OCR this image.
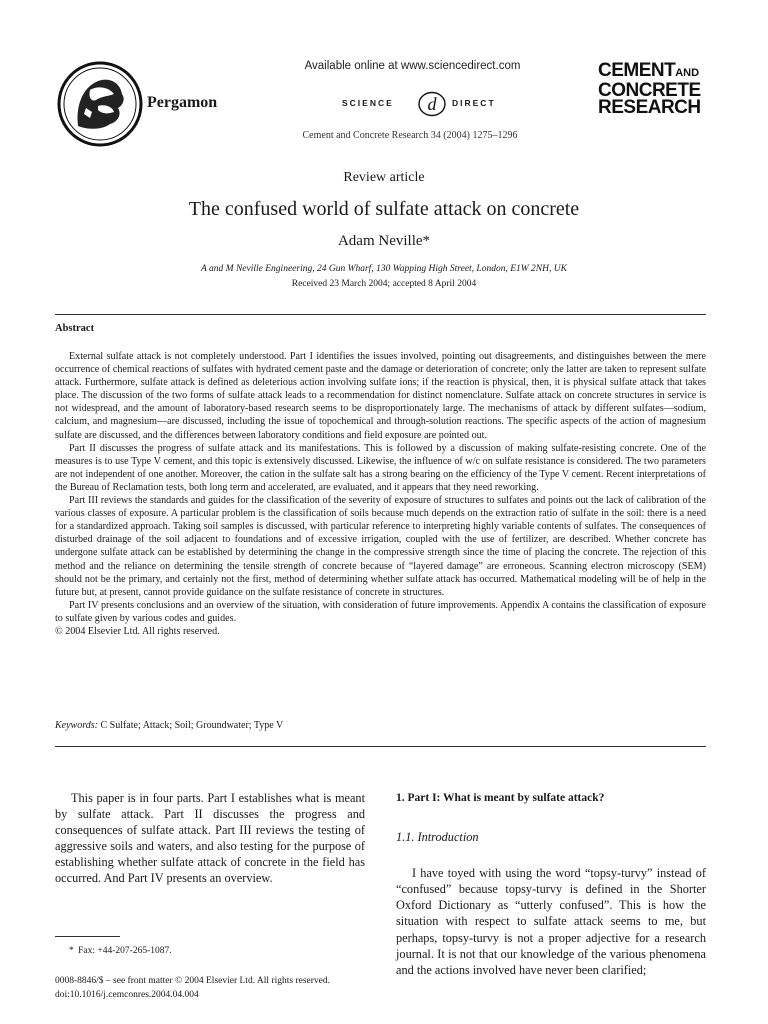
Pergamon
Available online at www.sciencedirect.com
SCIENCE d DIRECT
Cement and Concrete Research 34 (2004) 1275–1296
CEMENTAND
CONCRETE
RESEARCH
Review article
The confused world of sulfate attack on concrete
Adam Neville*
A and M Neville Engineering, 24 Gun Wharf, 130 Wapping High Street, London, E1W 2NH, UK
Received 23 March 2004; accepted 8 April 2004
Abstract

External sulfate attack is not completely understood. Part I identifies the issues involved, pointing out disagreements, and distinguishes between the mere occurrence of chemical reactions of sulfates with hydrated cement paste and the damage or deterioration of concrete; only the latter are taken to represent sulfate attack. Furthermore, sulfate attack is defined as deleterious action involving sulfate ions; if the reaction is physical, then, it is physical sulfate attack that takes place. The discussion of the two forms of sulfate attack leads to a recommendation for distinct nomenclature. Sulfate attack on concrete structures in service is not widespread, and the amount of laboratory-based research seems to be disproportionately large. The mechanisms of attack by different sulfates—sodium, calcium, and magnesium—are discussed, including the issue of topochemical and through-solution reactions. The specific aspects of the action of magnesium sulfate are discussed, and the differences between laboratory conditions and field exposure are pointed out.

Part II discusses the progress of sulfate attack and its manifestations. This is followed by a discussion of making sulfate-resisting concrete. One of the measures is to use Type V cement, and this topic is extensively discussed. Likewise, the influence of w/c on sulfate resistance is considered. The two parameters are not independent of one another. Moreover, the cation in the sulfate salt has a strong bearing on the efficiency of the Type V cement. Recent interpretations of the Bureau of Reclamation tests, both long term and accelerated, are evaluated, and it appears that they need reworking.

Part III reviews the standards and guides for the classification of the severity of exposure of structures to sulfates and points out the lack of calibration of the various classes of exposure. A particular problem is the classification of soils because much depends on the extraction ratio of sulfate in the soil: there is a need for a standardized approach. Taking soil samples is discussed, with particular reference to interpreting highly variable contents of sulfates. The consequences of disturbed drainage of the soil adjacent to foundations and of excessive irrigation, coupled with the use of fertilizer, are described. Whether concrete has undergone sulfate attack can be established by determining the change in the compressive strength since the time of placing the concrete. The rejection of this method and the reliance on determining the tensile strength of concrete because of “layered damage” are erroneous. Scanning electron microscopy (SEM) should not be the primary, and certainly not the first, method of determining whether sulfate attack has occurred. Mathematical modeling will be of help in the future but, at present, cannot provide guidance on the sulfate resistance of concrete in structures.

Part IV presents conclusions and an overview of the situation, with consideration of future improvements. Appendix A contains the classification of exposure to sulfate given by various codes and guides.

© 2004 Elsevier Ltd. All rights reserved.

Keywords: C Sulfate; Attack; Soil; Groundwater; Type V

This paper is in four parts. Part I establishes what is meant by sulfate attack. Part II discusses the progress and consequences of sulfate attack. Part III reviews the testing of aggressive soils and waters, and also testing for the purpose of establishing whether sulfate attack of concrete in the field has occurred. And Part IV presents an overview.

* Fax: +44-207-265-1087.
0008-8846/$ – see front matter © 2004 Elsevier Ltd. All rights reserved.
doi:10.1016/j.cemconres.2004.04.004

1. Part I: What is meant by sulfate attack?

1.1. Introduction

I have toyed with using the word “topsy-turvy” instead of “confused” because topsy-turvy is defined in the Shorter Oxford Dictionary as “utterly confused”. This is how the situation with respect to sulfate attack seems to me, but perhaps, topsy-turvy is not a proper adjective for a research journal. It is not that our knowledge of the various phenomena and the actions involved have never been clarified;
